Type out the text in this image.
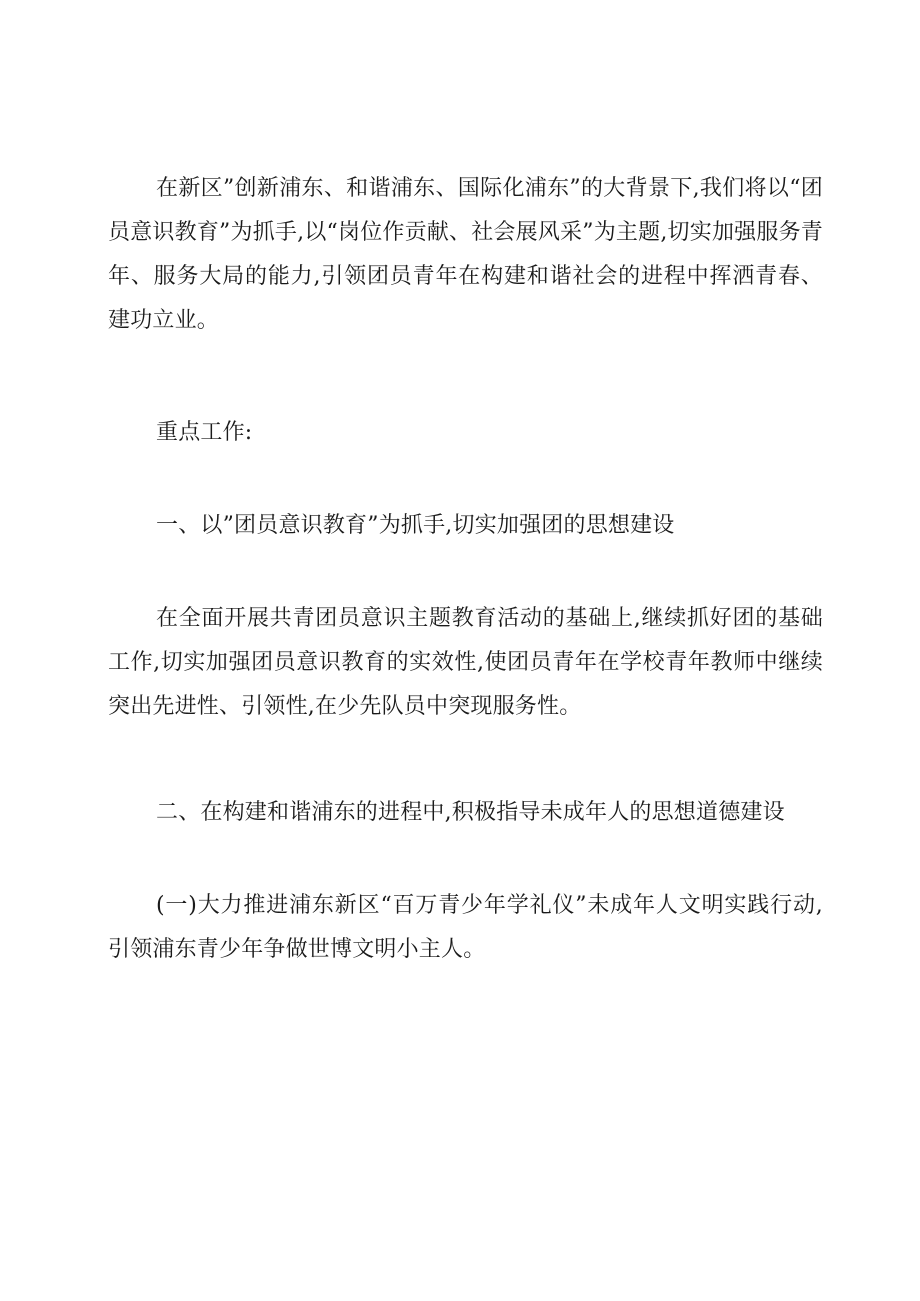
在新区”创新浦东、和谐浦东、国际化浦东”的大背景下,我们将以“团员意识教育”为抓手,以“岗位作贡献、社会展风采”为主题,切实加强服务青年、服务大局的能力,引领团员青年在构建和谐社会的进程中挥洒青春、建功立业。

重点工作:

一、以”团员意识教育”为抓手,切实加强团的思想建设

在全面开展共青团员意识主题教育活动的基础上,继续抓好团的基础工作,切实加强团员意识教育的实效性,使团员青年在学校青年教师中继续突出先进性、引领性,在少先队员中突现服务性。

二、在构建和谐浦东的进程中,积极指导未成年人的思想道德建设

(一)大力推进浦东新区“百万青少年学礼仪”未成年人文明实践行动,引领浦东青少年争做世博文明小主人。
